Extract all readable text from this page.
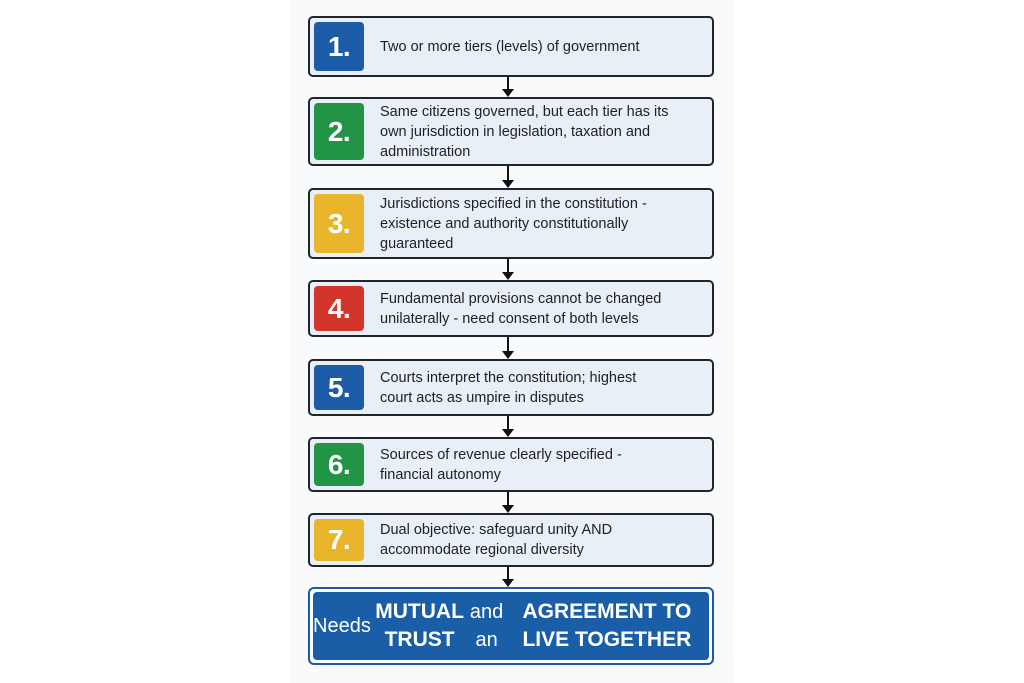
1.	Two or more tiers (levels) of government
2.
Same citizens governed, but each tier has its
own jurisdiction in legislation, taxation and
administration
3.
Jurisdictions specified in the constitution -
existence and authority constitutionally
guaranteed
4.	Fundamental provisions cannot be changed
unilaterally - need consent of both levels
5.	Courts interpret the constitution; highest
court acts as umpire in disputes
6.	Sources of revenue clearly specified -
financial autonomy
7.	Dual objective: safeguard unity AND
accommodate regional diversity
Needs
MUTUAL TRUST
and an

AGREEMENT TO LIVE TOGETHER
